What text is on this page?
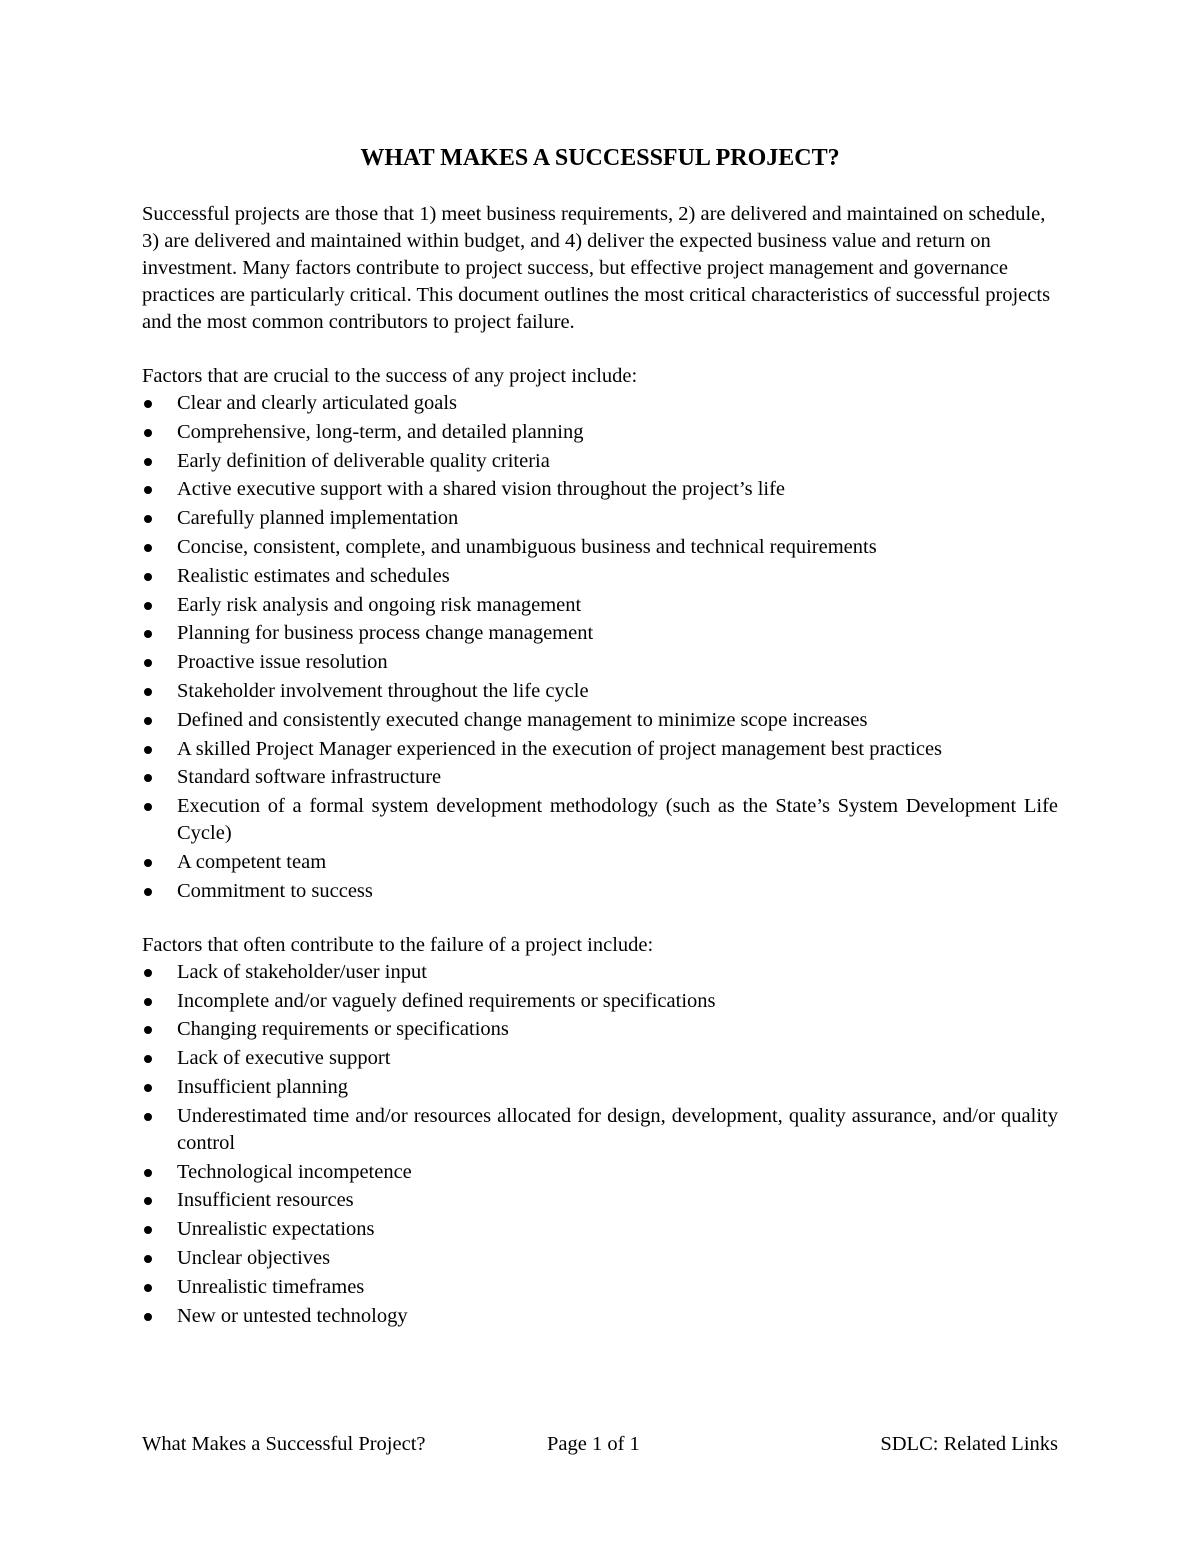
WHAT MAKES A SUCCESSFUL PROJECT?

Successful projects are those that 1) meet business requirements, 2) are delivered and maintained on schedule, 3) are delivered and maintained within budget, and 4) deliver the expected business value and return on investment. Many factors contribute to project success, but effective project management and governance practices are particularly critical. This document outlines the most critical characteristics of successful projects and the most common contributors to project failure.

Factors that are crucial to the success of any project include:

Clear and clearly articulated goals
Comprehensive, long-term, and detailed planning
Early definition of deliverable quality criteria
Active executive support with a shared vision throughout the project’s life
Carefully planned implementation
Concise, consistent, complete, and unambiguous business and technical requirements
Realistic estimates and schedules
Early risk analysis and ongoing risk management
Planning for business process change management
Proactive issue resolution
Stakeholder involvement throughout the life cycle
Defined and consistently executed change management to minimize scope increases
A skilled Project Manager experienced in the execution of project management best practices
Standard software infrastructure
Execution of a formal system development methodology (such as the State’s System Development Life Cycle)
A competent team
Commitment to success

Factors that often contribute to the failure of a project include:

Lack of stakeholder/user input
Incomplete and/or vaguely defined requirements or specifications
Changing requirements or specifications
Lack of executive support
Insufficient planning
Underestimated time and/or resources allocated for design, development, quality assurance, and/or quality control
Technological incompetence
Insufficient resources
Unrealistic expectations
Unclear objectives
Unrealistic timeframes
New or untested technology
What Makes a Successful Project?	Page 1 of 1	SDLC: Related Links
